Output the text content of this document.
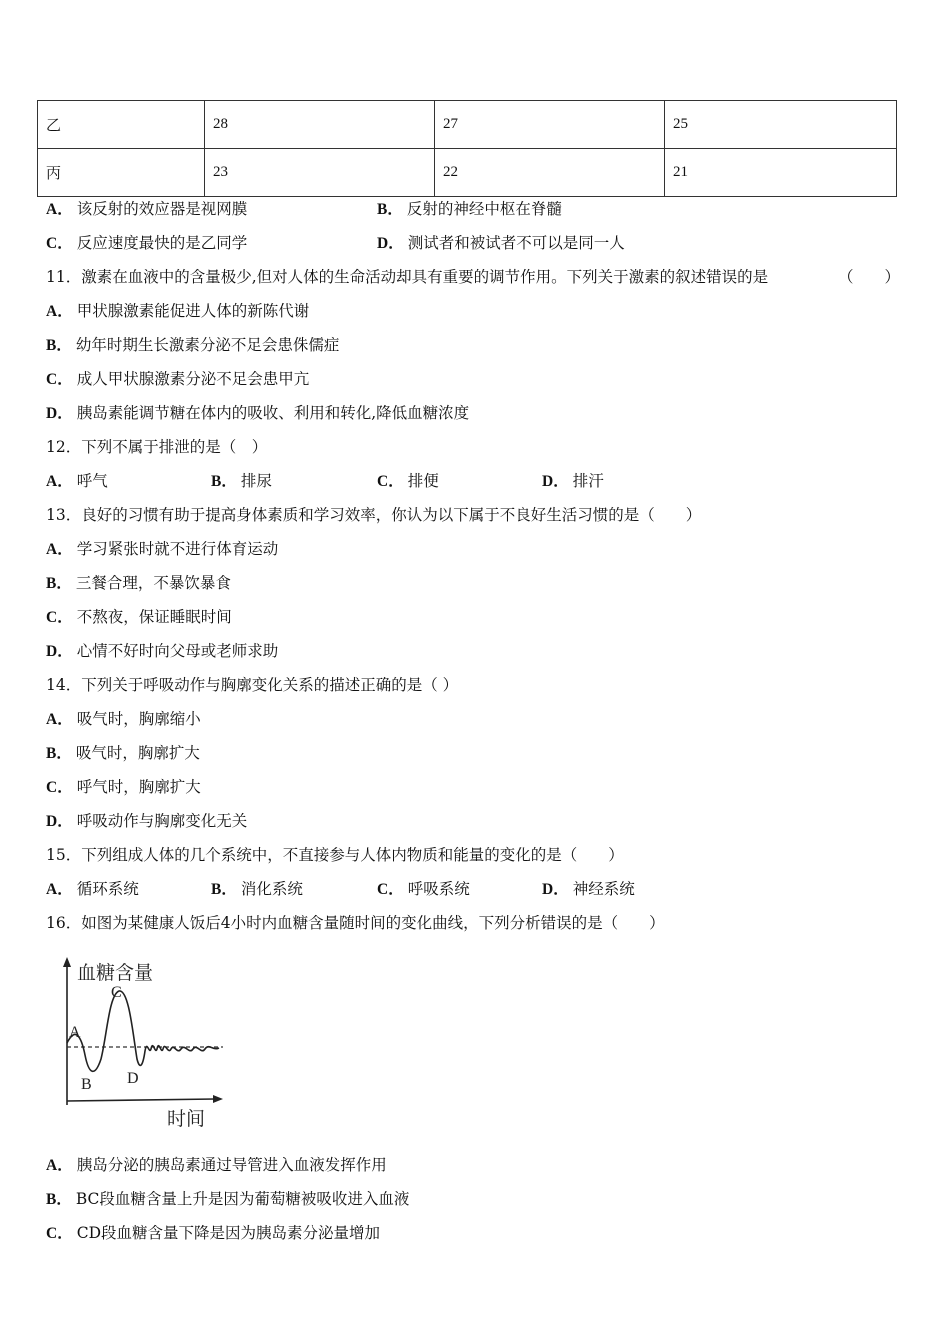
乙	28	27	25
丙	23	22	21
A． 该反射的效应器是视网膜	B． 反射的神经中枢在脊髓
C． 反应速度最快的是乙同学	D． 测试者和被试者不可以是同一人
11．激素在血液中的含量极少,但对人体的生命活动却具有重要的调节作用。下列关于激素的叙述错误的是	（　　）
A． 甲状腺激素能促进人体的新陈代谢
B． 幼年时期生长激素分泌不足会患侏儒症
C． 成人甲状腺激素分泌不足会患甲亢
D． 胰岛素能调节糖在体内的吸收、利用和转化,降低血糖浓度
12．下列不属于排泄的是（　）
A． 呼气	B． 排尿	C． 排便	D． 排汗
13．良好的习惯有助于提高身体素质和学习效率，你认为以下属于不良好生活习惯的是（　　）
A． 学习紧张时就不进行体育运动
B． 三餐合理，不暴饮暴食
C． 不熬夜，保证睡眠时间
D． 心情不好时向父母或老师求助
14．下列关于呼吸动作与胸廓变化关系的描述正确的是（ ）
A． 吸气时，胸廓缩小
B． 吸气时，胸廓扩大
C． 呼气时，胸廓扩大
D． 呼吸动作与胸廓变化无关
15．下列组成人体的几个系统中，不直接参与人体内物质和能量的变化的是（　　）
A． 循环系统	B． 消化系统	C． 呼吸系统	D． 神经系统
16．如图为某健康人饭后4小时内血糖含量随时间的变化曲线，下列分析错误的是（　　）
血糖含量
时间
A
B
C
D
A． 胰岛分泌的胰岛素通过导管进入血液发挥作用
B． BC段血糖含量上升是因为葡萄糖被吸收进入血液
C． CD段血糖含量下降是因为胰岛素分泌量增加
